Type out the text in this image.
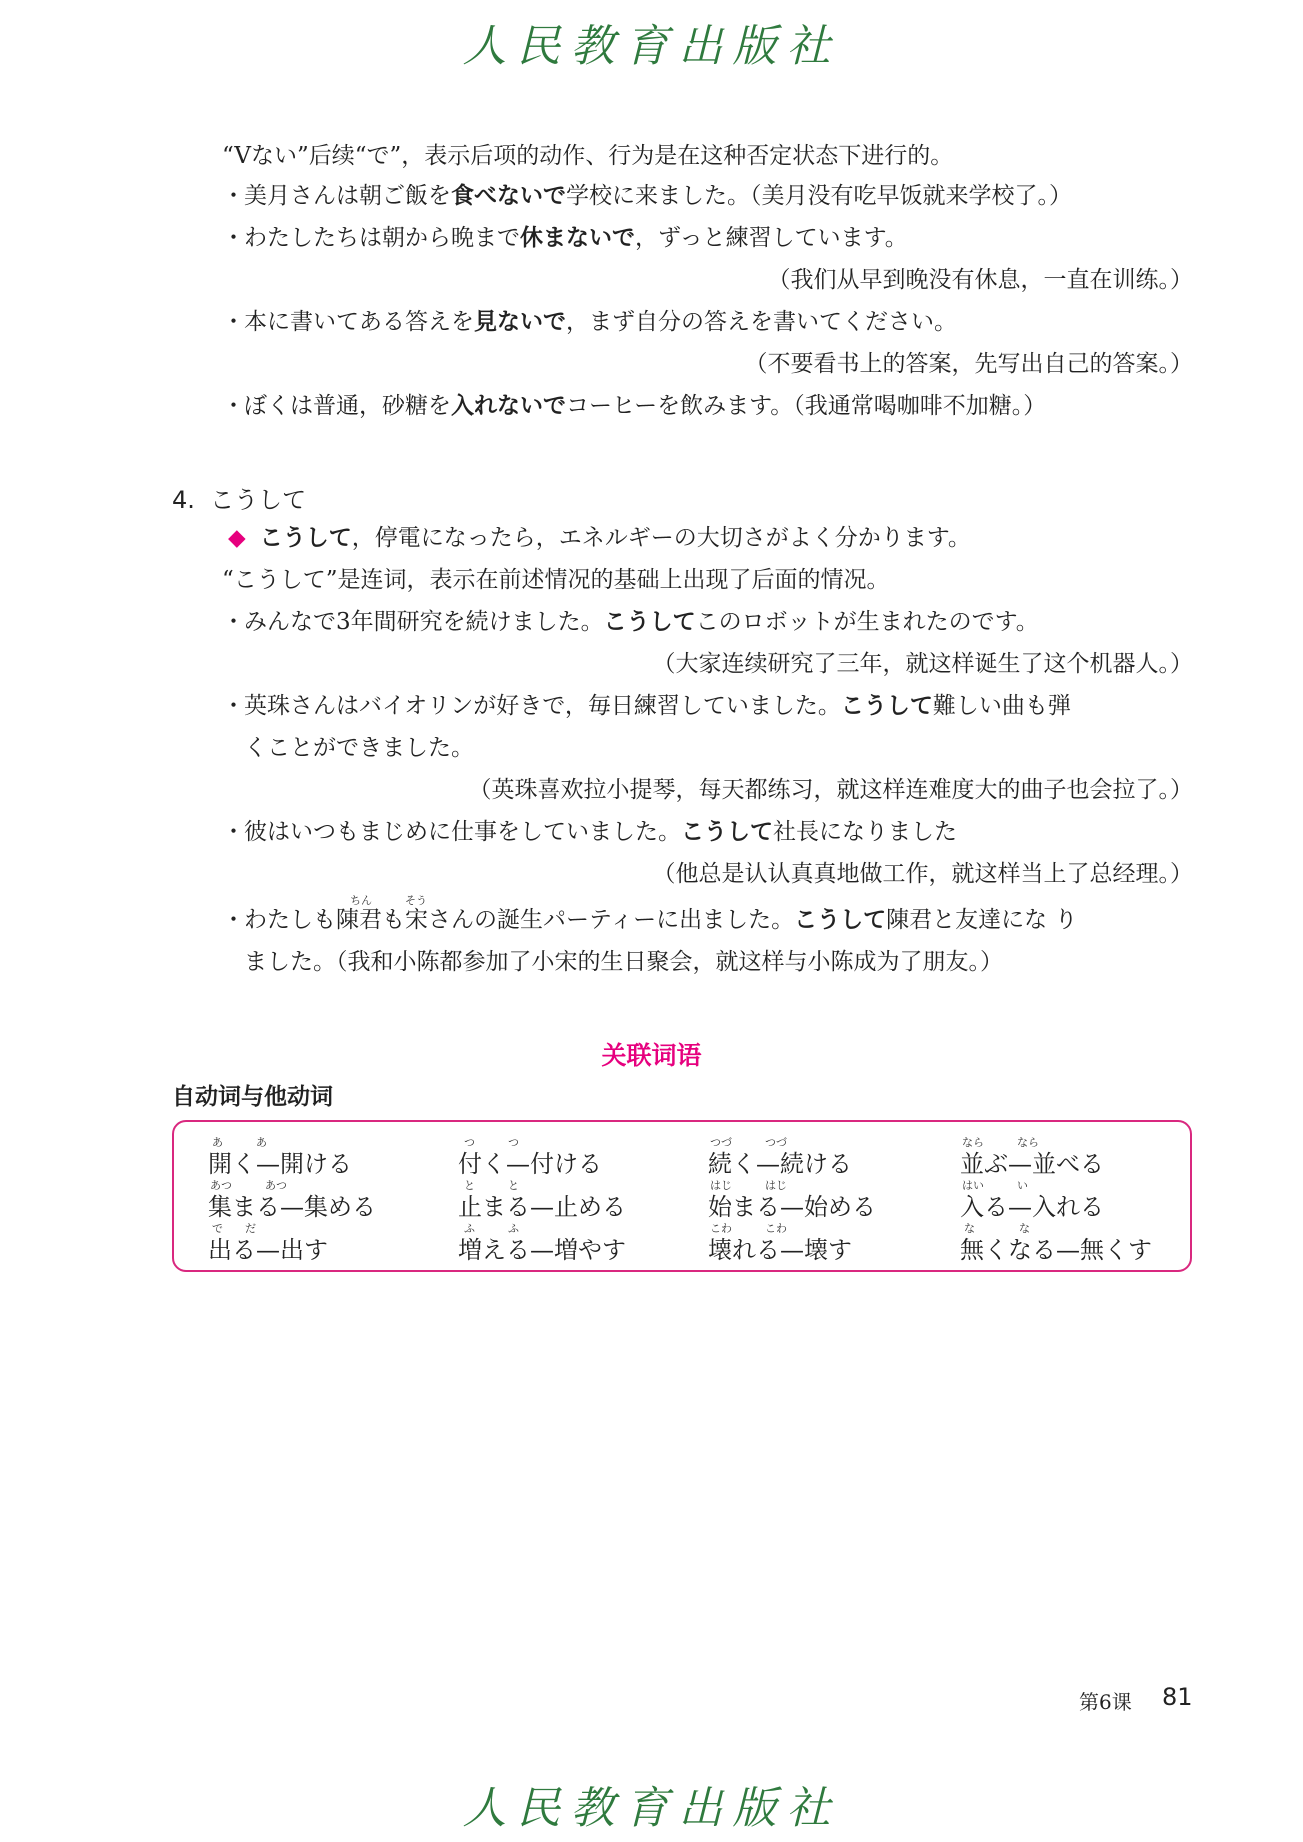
人民教育出版社
“Vない”后续“で”，表示后项的动作、行为是在这种否定状态下进行的。
・美月さんは朝ご飯を食べないで学校に来ました。（美月没有吃早饭就来学校了。）
・わたしたちは朝から晩まで休まないで，ずっと練習しています。
（我们从早到晚没有休息，一直在训练。）
・本に書いてある答えを見ないで，まず自分の答えを書いてください。
（不要看书上的答案，先写出自己的答案。）
・ぼくは普通，砂糖を入れないでコーヒーを飲みます。（我通常喝咖啡不加糖。）
4. こうして
◆ こうして，停電になったら，エネルギーの大切さがよく分かります。
“こうして”是连词，表示在前述情况的基础上出现了后面的情况。
・みんなで3年間研究を続けました。こうしてこのロボットが生まれたのです。
（大家连续研究了三年，就这样诞生了这个机器人。）
・英珠さんはバイオリンが好きで，毎日練習していました。こうして難しい曲も弾
くことができました。
（英珠喜欢拉小提琴，每天都练习，就这样连难度大的曲子也会拉了。）
・彼はいつもまじめに仕事をしていました。こうして社長になりました
（他总是认认真真地做工作，就这样当上了总经理。）
ちん　　　そう
・わたしも陳君も宋さんの誕生パーティーに出ました。こうして陳君と友達にな り
ました。（我和小陈都参加了小宋的生日聚会，就这样与小陈成为了朋友。）
关联词语
自动词与他动词
あ　　　あ
開く—開ける
つ　　　つ
付く—付ける
つづ　　　つづ
続く—続ける
なら　　　なら
並ぶ—並べる
あつ　　　あつ
集まる—集める
と　　　と
止まる—止める
はじ　　　はじ
始まる—始める
はい　　　い
入る—入れる
で　　だ
出る—出す
ふ　　　ふ
増える—増やす
こわ　　　こわ
壊れる—壊す
な　　　　な
無くなる—無くす
第6课 81
人民教育出版社
